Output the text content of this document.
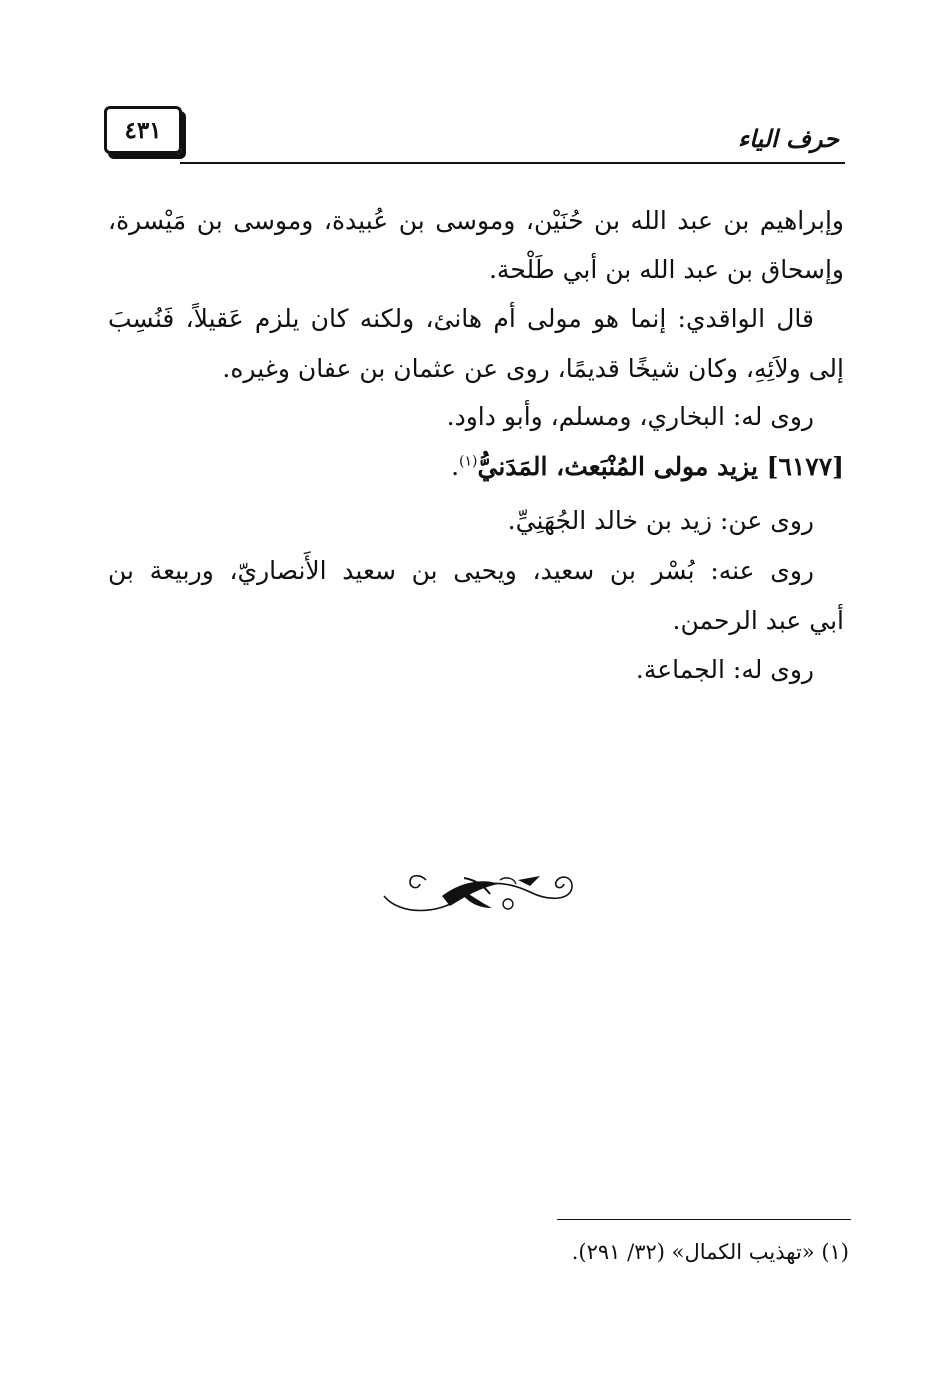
٤٣١	حرف الياء
وإبراهيم بن عبد الله بن حُنَيْن، وموسى بن عُبيدة، وموسى بن مَيْسرة،
وإسحاق بن عبد الله بن أبي طَلْحة.
قال الواقدي: إنما هو مولى أم هانئ، ولكنه كان يلزم عَقيلاً، فَنُسِبَ
إلى ولاَئِهِ، وكان شيخًا قديمًا، روى عن عثمان بن عفان وغيره.
روى له: البخاري، ومسلم، وأبو داود.
[٦١٧٧] يزيد مولى المُنْبَعث، المَدَنيُّ$^{(١)}$.
روى عن: زيد بن خالد الجُهَنِيِّ.
روى عنه: بُسْر بن سعيد، ويحيى بن سعيد الأَنصاريّ، وربيعة بن
أبي عبد الرحمن.
روى له: الجماعة.
(١) «تهذيب الكمال» (٣٢/ ٢٩١).
